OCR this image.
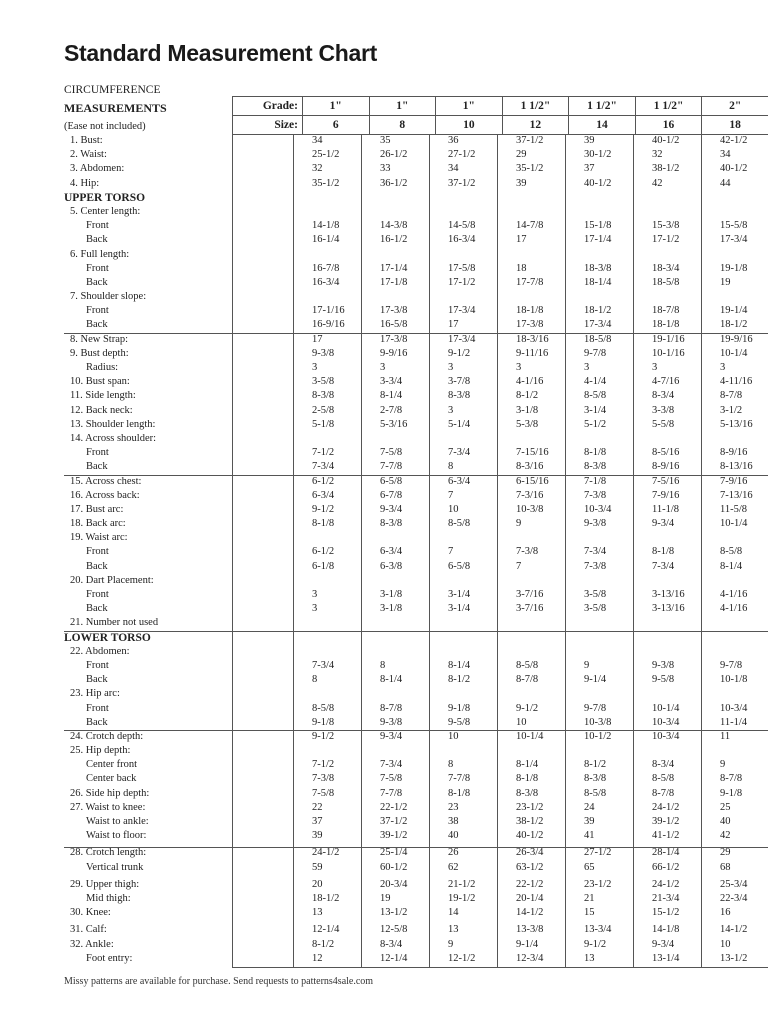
Standard Measurement Chart
CIRCUMFERENCE
MEASUREMENTS
(Ease not included)
Grade:	1"	1"	1"	1 1/2"	1 1/2"	1 1/2"	2"
Size:	6	8	10	12	14	16	18
1. Bust:	34	35	36	37-1/2	39	40-1/2	42-1/2
2. Waist:	25-1/2	26-1/2	27-1/2	29	30-1/2	32	34
3. Abdomen:	32	33	34	35-1/2	37	38-1/2	40-1/2
4. Hip:	35-1/2	36-1/2	37-1/2	39	40-1/2	42	44
UPPER TORSO
5. Center length:
Front	14-1/8	14-3/8	14-5/8	14-7/8	15-1/8	15-3/8	15-5/8
Back	16-1/4	16-1/2	16-3/4	17	17-1/4	17-1/2	17-3/4
6. Full length:
Front	16-7/8	17-1/4	17-5/8	18	18-3/8	18-3/4	19-1/8
Back	16-3/4	17-1/8	17-1/2	17-7/8	18-1/4	18-5/8	19
7. Shoulder slope:
Front	17-1/16	17-3/8	17-3/4	18-1/8	18-1/2	18-7/8	19-1/4
Back	16-9/16	16-5/8	17	17-3/8	17-3/4	18-1/8	18-1/2
8. New Strap:	17	17-3/8	17-3/4	18-3/16	18-5/8	19-1/16	19-9/16
9. Bust depth:	9-3/8	9-9/16	9-1/2	9-11/16	9-7/8	10-1/16	10-1/4
Radius:	3	3	3	3	3	3	3
10. Bust span:	3-5/8	3-3/4	3-7/8	4-1/16	4-1/4	4-7/16	4-11/16
11. Side length:	8-3/8	8-1/4	8-3/8	8-1/2	8-5/8	8-3/4	8-7/8
12. Back neck:	2-5/8	2-7/8	3	3-1/8	3-1/4	3-3/8	3-1/2
13. Shoulder length:	5-1/8	5-3/16	5-1/4	5-3/8	5-1/2	5-5/8	5-13/16
14. Across shoulder:
Front	7-1/2	7-5/8	7-3/4	7-15/16	8-1/8	8-5/16	8-9/16
Back	7-3/4	7-7/8	8	8-3/16	8-3/8	8-9/16	8-13/16
15. Across chest:	6-1/2	6-5/8	6-3/4	6-15/16	7-1/8	7-5/16	7-9/16
16. Across back:	6-3/4	6-7/8	7	7-3/16	7-3/8	7-9/16	7-13/16
17. Bust arc:	9-1/2	9-3/4	10	10-3/8	10-3/4	11-1/8	11-5/8
18. Back arc:	8-1/8	8-3/8	8-5/8	9	9-3/8	9-3/4	10-1/4
19. Waist arc:
Front	6-1/2	6-3/4	7	7-3/8	7-3/4	8-1/8	8-5/8
Back	6-1/8	6-3/8	6-5/8	7	7-3/8	7-3/4	8-1/4
20. Dart Placement:
Front	3	3-1/8	3-1/4	3-7/16	3-5/8	3-13/16	4-1/16
Back	3	3-1/8	3-1/4	3-7/16	3-5/8	3-13/16	4-1/16
21. Number not used
LOWER TORSO
22. Abdomen:
Front	7-3/4	8	8-1/4	8-5/8	9	9-3/8	9-7/8
Back	8	8-1/4	8-1/2	8-7/8	9-1/4	9-5/8	10-1/8
23. Hip arc:
Front	8-5/8	8-7/8	9-1/8	9-1/2	9-7/8	10-1/4	10-3/4
Back	9-1/8	9-3/8	9-5/8	10	10-3/8	10-3/4	11-1/4
24. Crotch depth:	9-1/2	9-3/4	10	10-1/4	10-1/2	10-3/4	11
25. Hip depth:
Center front	7-1/2	7-3/4	8	8-1/4	8-1/2	8-3/4	9
Center back	7-3/8	7-5/8	7-7/8	8-1/8	8-3/8	8-5/8	8-7/8
26. Side hip depth:	7-5/8	7-7/8	8-1/8	8-3/8	8-5/8	8-7/8	9-1/8
27. Waist to knee:	22	22-1/2	23	23-1/2	24	24-1/2	25
Waist to ankle:	37	37-1/2	38	38-1/2	39	39-1/2	40
Waist to floor:	39	39-1/2	40	40-1/2	41	41-1/2	42
28. Crotch length:	24-1/2	25-1/4	26	26-3/4	27-1/2	28-1/4	29
Vertical trunk	59	60-1/2	62	63-1/2	65	66-1/2	68
29. Upper thigh:	20	20-3/4	21-1/2	22-1/2	23-1/2	24-1/2	25-3/4
Mid thigh:	18-1/2	19	19-1/2	20-1/4	21	21-3/4	22-3/4
30. Knee:	13	13-1/2	14	14-1/2	15	15-1/2	16
31. Calf:	12-1/4	12-5/8	13	13-3/8	13-3/4	14-1/8	14-1/2
32. Ankle:	8-1/2	8-3/4	9	9-1/4	9-1/2	9-3/4	10
Foot entry:	12	12-1/4	12-1/2	12-3/4	13	13-1/4	13-1/2
Missy patterns are available for purchase. Send requests to patterns4sale.com
